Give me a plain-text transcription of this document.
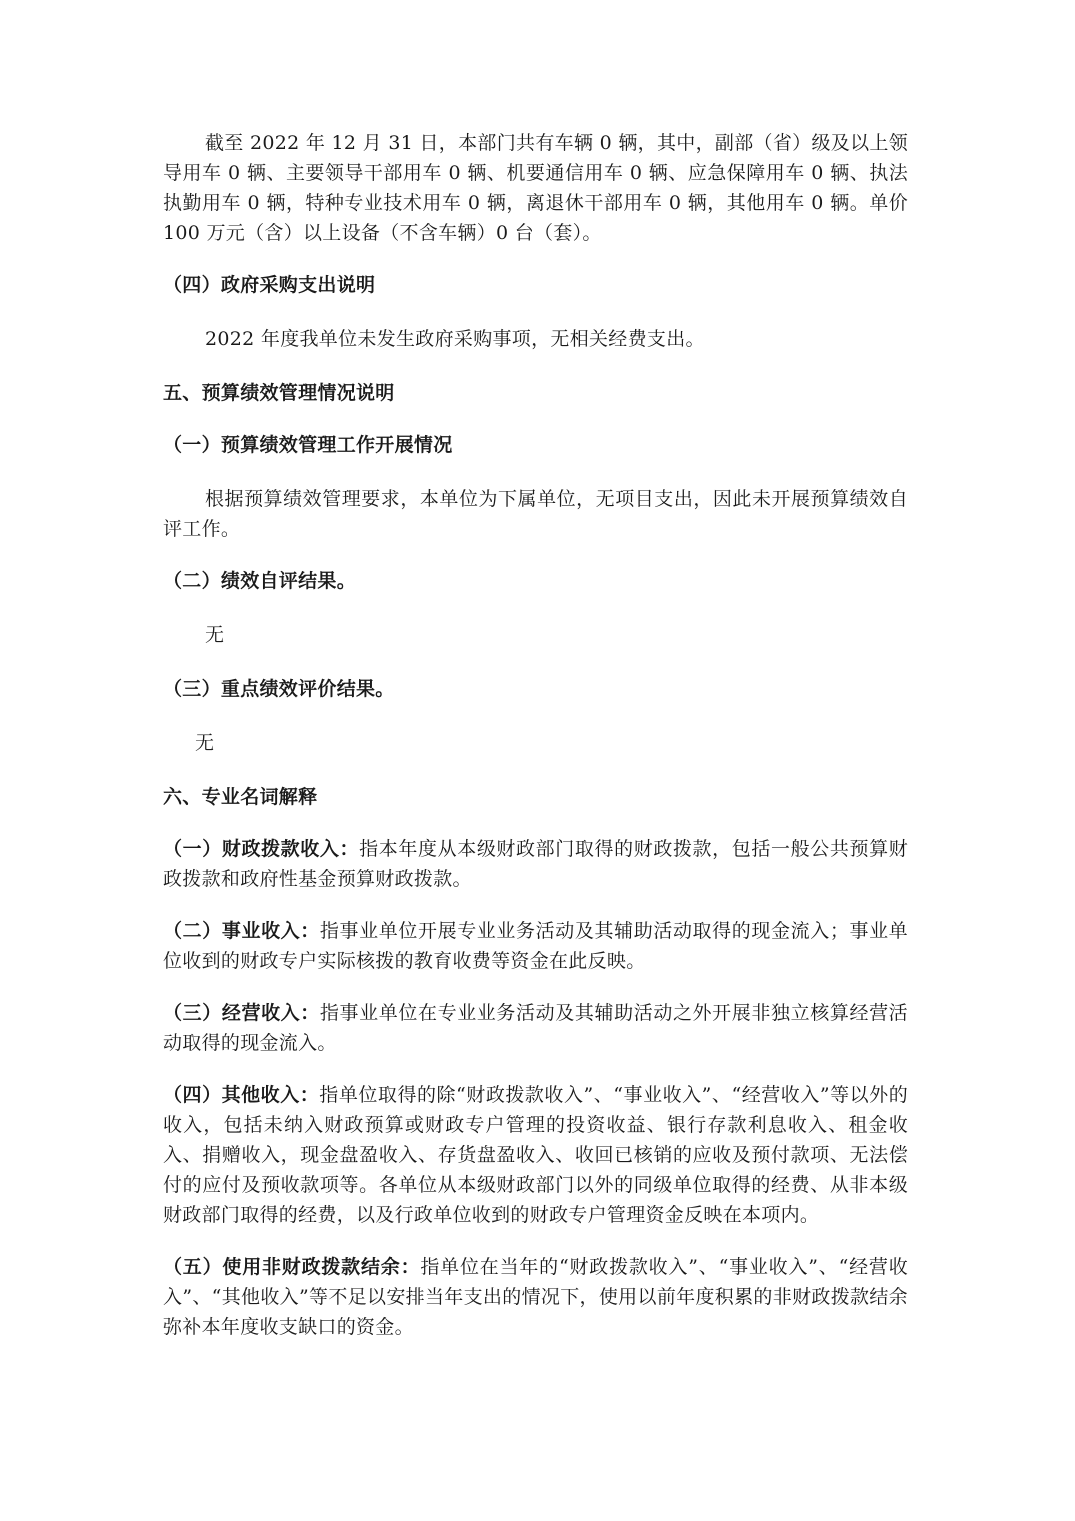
截至 2022 年 12 月 31 日，本部门共有车辆 0 辆，其中，副部（省）级及以上领导用车 0 辆、主要领导干部用车 0 辆、机要通信用车 0 辆、应急保障用车 0 辆、执法执勤用车 0 辆，特种专业技术用车 0 辆，离退休干部用车 0 辆，其他用车 0 辆。单价 100 万元（含）以上设备（不含车辆）0 台（套）。

（四）政府采购支出说明

2022 年度我单位未发生政府采购事项，无相关经费支出。

五、预算绩效管理情况说明

（一）预算绩效管理工作开展情况

根据预算绩效管理要求，本单位为下属单位，无项目支出，因此未开展预算绩效自评工作。

（二）绩效自评结果。

无

（三）重点绩效评价结果。

无

六、专业名词解释

（一）财政拨款收入：指本年度从本级财政部门取得的财政拨款，包括一般公共预算财政拨款和政府性基金预算财政拨款。

（二）事业收入：指事业单位开展专业业务活动及其辅助活动取得的现金流入；事业单位收到的财政专户实际核拨的教育收费等资金在此反映。

（三）经营收入：指事业单位在专业业务活动及其辅助活动之外开展非独立核算经营活动取得的现金流入。

（四）其他收入：指单位取得的除“财政拨款收入”、“事业收入”、“经营收入”等以外的收入，包括未纳入财政预算或财政专户管理的投资收益、银行存款利息收入、租金收入、捐赠收入，现金盘盈收入、存货盘盈收入、收回已核销的应收及预付款项、无法偿付的应付及预收款项等。各单位从本级财政部门以外的同级单位取得的经费、从非本级财政部门取得的经费，以及行政单位收到的财政专户管理资金反映在本项内。

（五）使用非财政拨款结余：指单位在当年的“财政拨款收入”、“事业收入”、“经营收入”、“其他收入”等不足以安排当年支出的情况下，使用以前年度积累的非财政拨款结余弥补本年度收支缺口的资金。
